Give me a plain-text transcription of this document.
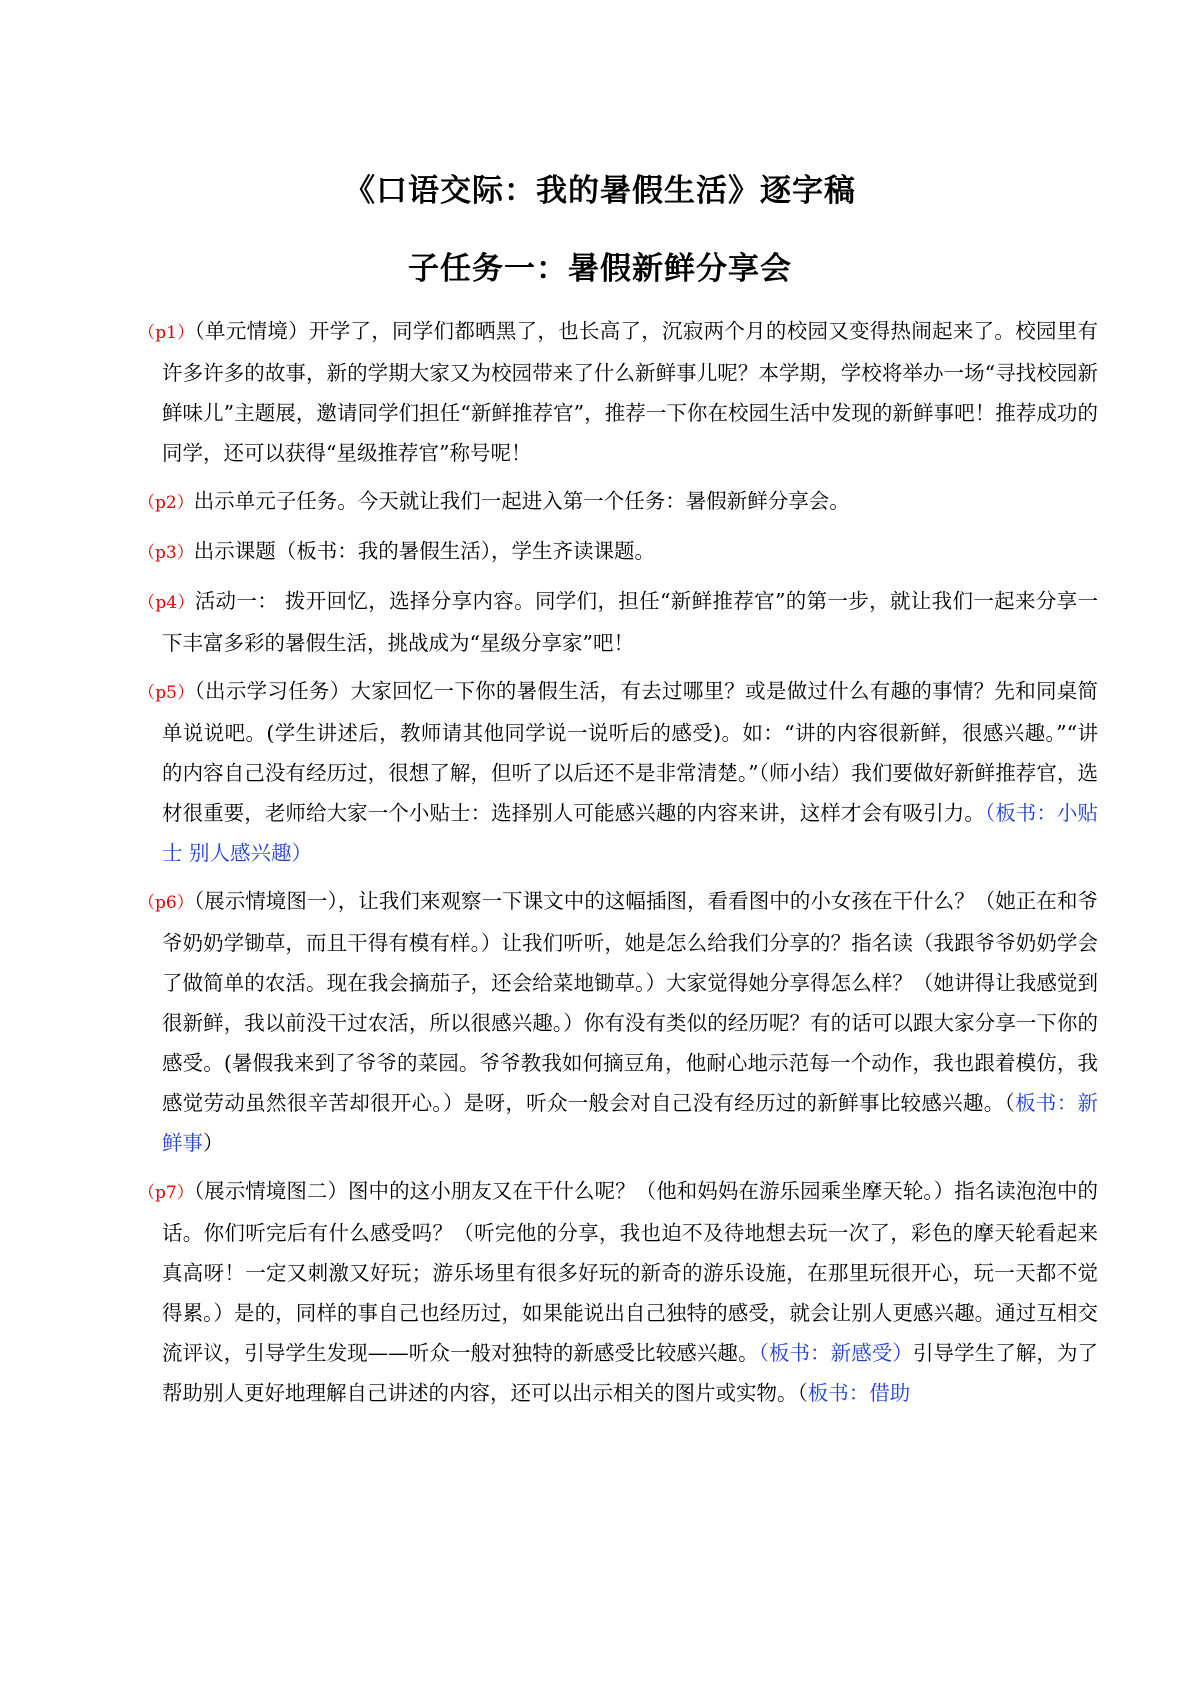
《口语交际：我的暑假生活》逐字稿
子任务一：暑假新鲜分享会

（p1）（单元情境）开学了，同学们都晒黑了，也长高了，沉寂两个月的校园又变得热闹起来了。校园里有许多许多的故事，新的学期大家又为校园带来了什么新鲜事儿呢？本学期，学校将举办一场“寻找校园新鲜味儿”主题展，邀请同学们担任“新鲜推荐官”，推荐一下你在校园生活中发现的新鲜事吧！推荐成功的同学，还可以获得“星级推荐官”称号呢！

（p2）出示单元子任务。今天就让我们一起进入第一个任务：暑假新鲜分享会。

（p3）出示课题（板书：我的暑假生活），学生齐读课题。

（p4）活动一： 拨开回忆，选择分享内容。同学们，担任“新鲜推荐官”的第一步，就让我们一起来分享一下丰富多彩的暑假生活，挑战成为“星级分享家”吧！

（p5）（出示学习任务）大家回忆一下你的暑假生活，有去过哪里？或是做过什么有趣的事情？先和同桌简单说说吧。(学生讲述后，教师请其他同学说一说听后的感受)。如：“讲的内容很新鲜，很感兴趣。”“讲的内容自己没有经历过，很想了解，但听了以后还不是非常清楚。”（师小结）我们要做好新鲜推荐官，选材很重要，老师给大家一个小贴士：选择别人可能感兴趣的内容来讲，这样才会有吸引力。（板书：小贴士 别人感兴趣）

（p6）（展示情境图一），让我们来观察一下课文中的这幅插图，看看图中的小女孩在干什么？（她正在和爷爷奶奶学锄草，而且干得有模有样。）让我们听听，她是怎么给我们分享的？指名读（我跟爷爷奶奶学会了做简单的农活。现在我会摘茄子，还会给菜地锄草。）大家觉得她分享得怎么样？（她讲得让我感觉到很新鲜，我以前没干过农活，所以很感兴趣。）你有没有类似的经历呢？有的话可以跟大家分享一下你的感受。(暑假我来到了爷爷的菜园。爷爷教我如何摘豆角，他耐心地示范每一个动作，我也跟着模仿，我感觉劳动虽然很辛苦却很开心。）是呀，听众一般会对自己没有经历过的新鲜事比较感兴趣。（板书：新鲜事）

（p7）（展示情境图二）图中的这小朋友又在干什么呢？（他和妈妈在游乐园乘坐摩天轮。）指名读泡泡中的话。你们听完后有什么感受吗？（听完他的分享，我也迫不及待地想去玩一次了，彩色的摩天轮看起来真高呀！一定又刺激又好玩；游乐场里有很多好玩的新奇的游乐设施，在那里玩很开心，玩一天都不觉得累。）是的，同样的事自己也经历过，如果能说出自己独特的感受，就会让别人更感兴趣。通过互相交流评议，引导学生发现——听众一般对独特的新感受比较感兴趣。（板书：新感受）引导学生了解，为了帮助别人更好地理解自己讲述的内容，还可以出示相关的图片或实物。（板书：借助
